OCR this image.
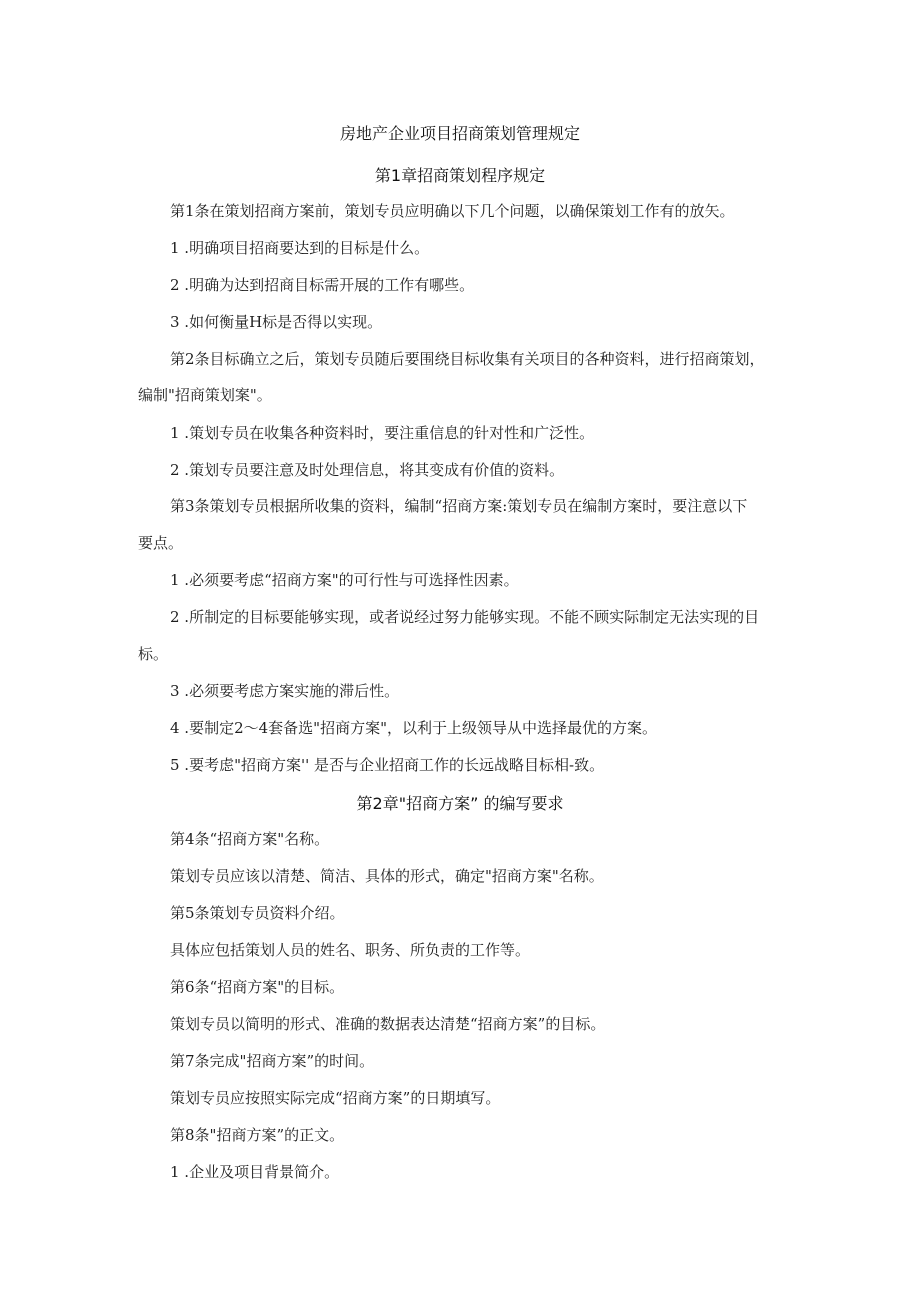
房地产企业项目招商策划管理规定
第1章招商策划程序规定
第1条在策划招商方案前，策划专员应明确以下几个问题，以确保策划工作有的放矢。
1 .明确项目招商要达到的目标是什么。
2 .明确为达到招商目标需开展的工作有哪些。
3 .如何衡量H标是否得以实现。
第2条目标确立之后，策划专员随后要围绕目标收集有关项目的各种资料，进行招商策划，
编制"招商策划案"。
1 .策划专员在收集各种资料时，要注重信息的针对性和广泛性。
2 .策划专员要注意及时处理信息，将其变成有价值的资料。
第3条策划专员根据所收集的资料，编制“招商方案:策划专员在编制方案时，要注意以下
要点。
1 .必须要考虑“招商方案"的可行性与可选择性因素。
2 .所制定的目标要能够实现，或者说经过努力能够实现。不能不顾实际制定无法实现的目
标。
3 .必须要考虑方案实施的滞后性。
4 .要制定2～4套备选"招商方案"，以利于上级领导从中选择最优的方案。
5 .要考虑"招商方案'' 是否与企业招商工作的长远战略目标相-致。
第2章"招商方案” 的编写要求
第4条“招商方案"名称。
策划专员应该以清楚、简洁、具体的形式，确定"招商方案"名称。
第5条策划专员资料介绍。
具体应包括策划人员的姓名、职务、所负责的工作等。
第6条“招商方案"的目标。
策划专员以简明的形式、准确的数据表达清楚“招商方案”的目标。
第7条完成"招商方案”的时间。
策划专员应按照实际完成“招商方案”的日期填写。
第8条"招商方案”的正文。
1 .企业及项目背景简介。
